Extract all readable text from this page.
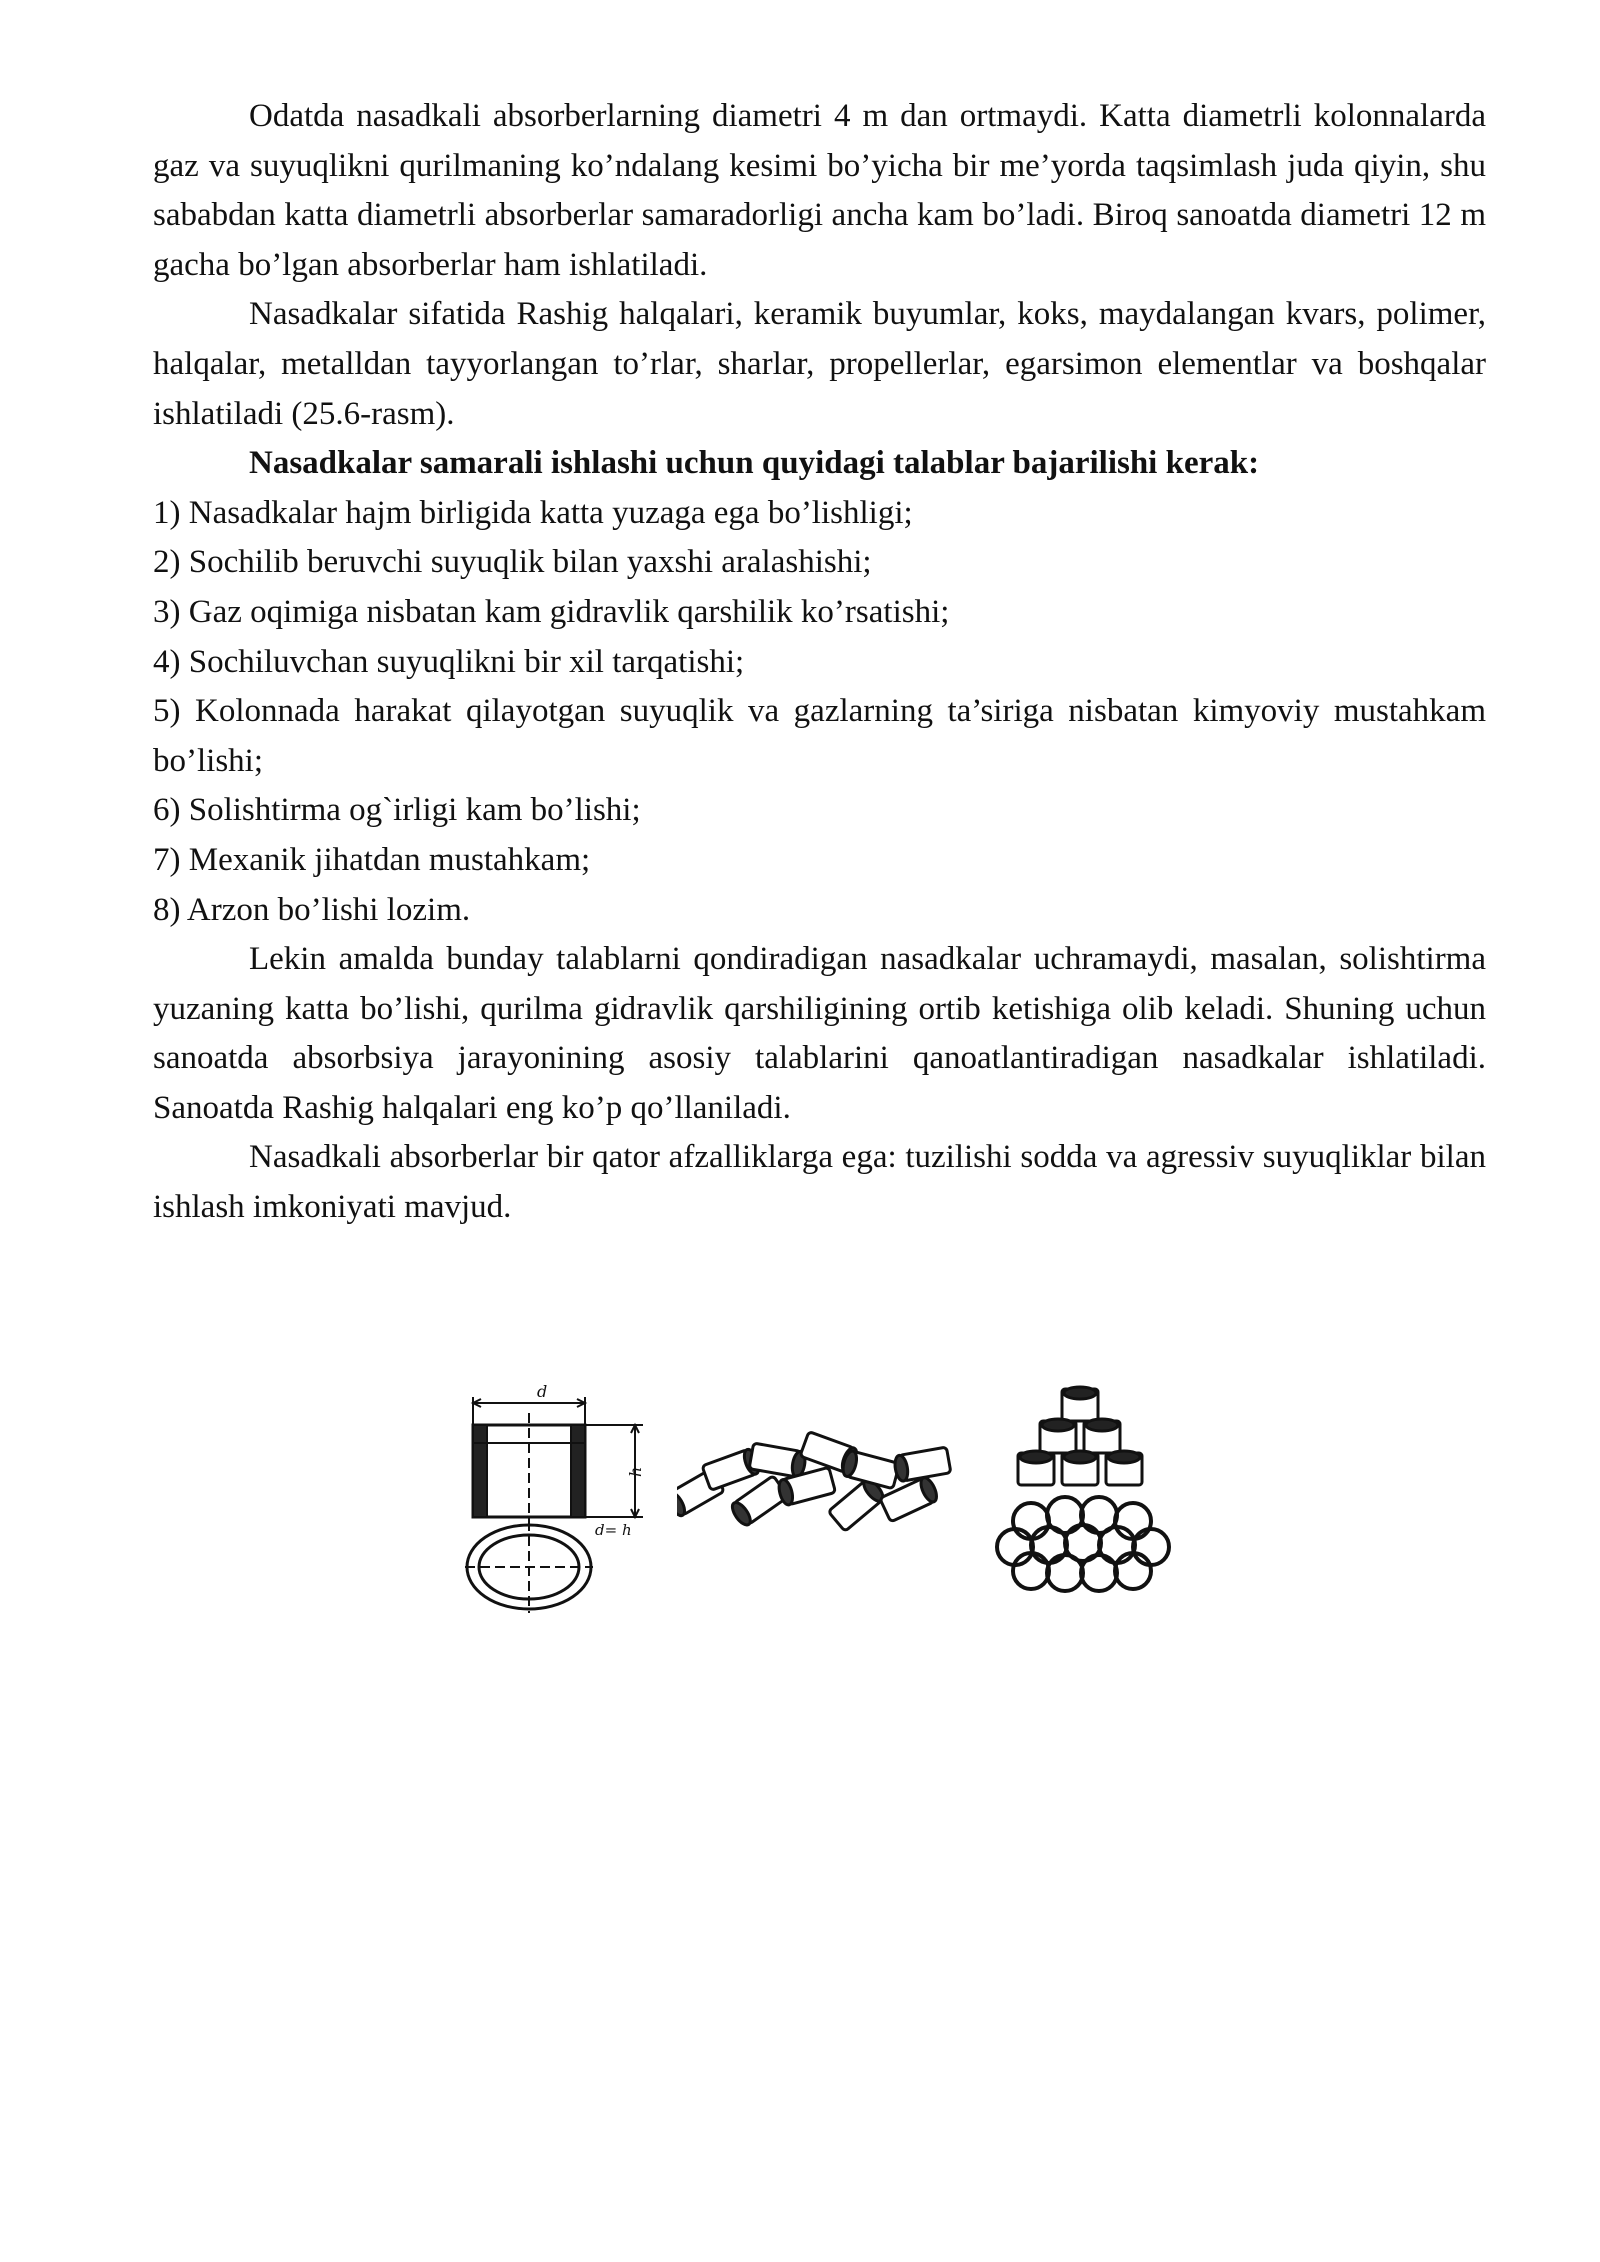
Odatda nasadkali absorberlarning diametri 4 m dan ortmaydi. Katta diametrli kolonnalarda gaz va suyuqlikni qurilmaning ko’ndalang kesimi bo’yicha bir me’yorda taqsimlash juda qiyin, shu sababdan katta diametrli absorberlar samaradorligi ancha kam bo’ladi. Biroq sanoatda diametri 12 m gacha bo’lgan absorberlar ham ishlatiladi.

Nasadkalar sifatida Rashig halqalari, keramik buyumlar, koks, maydalangan kvars, polimer, halqalar, metalldan tayyorlangan to’rlar, sharlar, propellerlar, egarsimon elementlar va boshqalar ishlatiladi (25.6-rasm).

Nasadkalar samarali ishlashi uchun quyidagi talablar bajarilishi kerak:

1) Nasadkalar hajm birligida katta yuzaga ega bo’lishligi;

2) Sochilib beruvchi suyuqlik bilan yaxshi aralashishi;

3) Gaz oqimiga nisbatan kam gidravlik qarshilik ko’rsatishi;

4) Sochiluvchan suyuqlikni bir xil tarqatishi;

5) Kolonnada harakat qilayotgan suyuqlik va gazlarning ta’siriga nisbatan kimyoviy mustahkam bo’lishi;

6) Solishtirma og`irligi kam bo’lishi;

7) Mexanik jihatdan mustahkam;

8) Arzon bo’lishi lozim.

Lekin amalda bunday talablarni qondiradigan nasadkalar uchramaydi, masalan, solishtirma yuzaning katta bo’lishi, qurilma gidravlik qarshiligining ortib ketishiga olib keladi. Shuning uchun sanoatda absorbsiya jarayonining asosiy talablarini qanoatlantiradigan nasadkalar ishlatiladi. Sanoatda Rashig halqalari eng ko’p qo’llaniladi.

Nasadkali absorberlar bir qator afzalliklarga ega: tuzilishi sodda va agressiv suyuqliklar bilan ishlash imkoniyati mavjud.

d
h
d= h
